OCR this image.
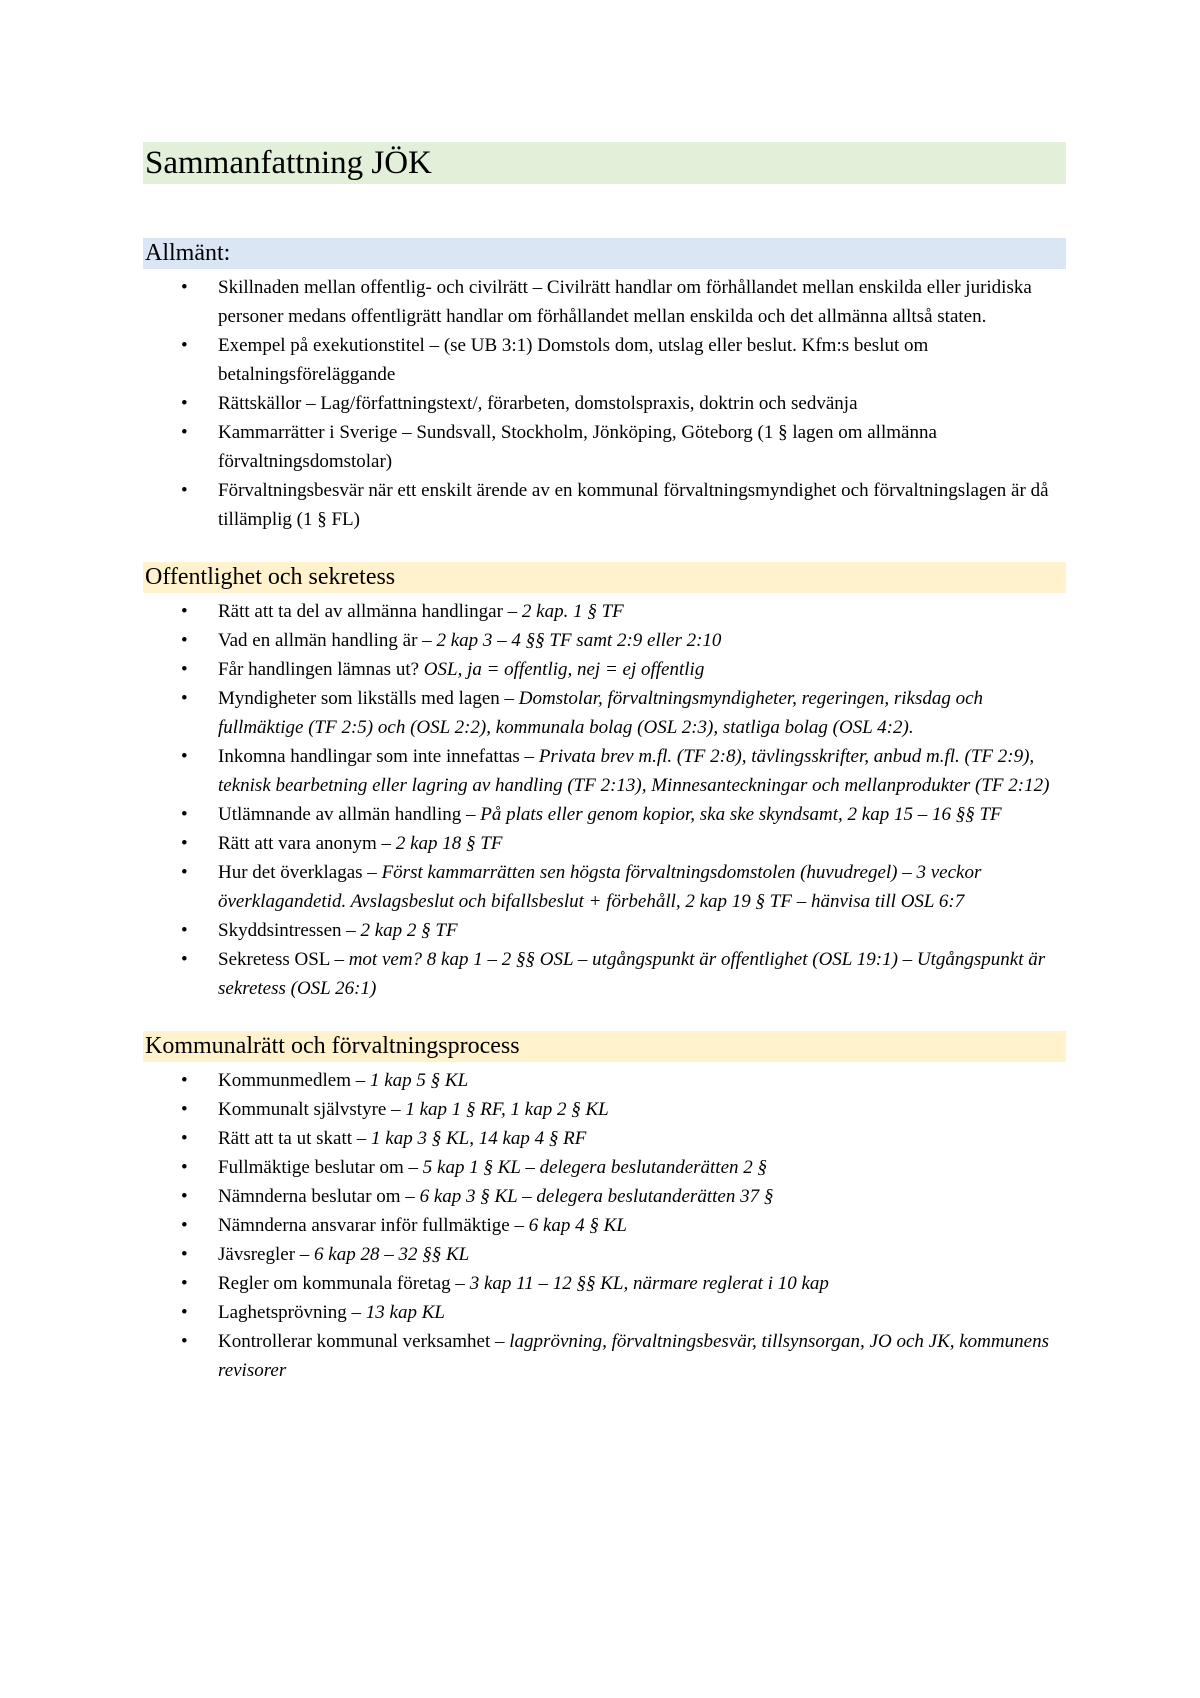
Sammanfattning JÖK
Allmänt:
• Skillnaden mellan offentlig- och civilrätt – Civilrätt handlar om förhållandet mellan enskilda eller juridiska personer medans offentligrätt handlar om förhållandet mellan enskilda och det allmänna alltså staten.
• Exempel på exekutionstitel – (se UB 3:1) Domstols dom, utslag eller beslut. Kfm:s beslut om betalningsföreläggande
• Rättskällor – Lag/författningstext/, förarbeten, domstolspraxis, doktrin och sedvänja
• Kammarrätter i Sverige – Sundsvall, Stockholm, Jönköping, Göteborg (1 § lagen om allmänna förvaltningsdomstolar)
• Förvaltningsbesvär när ett enskilt ärende av en kommunal förvaltningsmyndighet och förvaltningslagen är då tillämplig (1 § FL)
Offentlighet och sekretess
• Rätt att ta del av allmänna handlingar – 2 kap. 1 § TF
• Vad en allmän handling är – 2 kap 3 – 4 §§ TF samt 2:9 eller 2:10
• Får handlingen lämnas ut? OSL, ja = offentlig, nej = ej offentlig
• Myndigheter som likställs med lagen – Domstolar, förvaltningsmyndigheter, regeringen, riksdag och fullmäktige (TF 2:5) och (OSL 2:2), kommunala bolag (OSL 2:3), statliga bolag (OSL 4:2).
• Inkomna handlingar som inte innefattas – Privata brev m.fl. (TF 2:8), tävlingsskrifter, anbud m.fl. (TF 2:9), teknisk bearbetning eller lagring av handling (TF 2:13), Minnesanteckningar och mellanprodukter (TF 2:12)
• Utlämnande av allmän handling – På plats eller genom kopior, ska ske skyndsamt, 2 kap 15 – 16 §§ TF
• Rätt att vara anonym – 2 kap 18 § TF
• Hur det överklagas – Först kammarrätten sen högsta förvaltningsdomstolen (huvudregel) – 3 veckor överklagandetid. Avslagsbeslut och bifallsbeslut + förbehåll, 2 kap 19 § TF – hänvisa till OSL 6:7
• Skyddsintressen – 2 kap 2 § TF
• Sekretess OSL – mot vem? 8 kap 1 – 2 §§ OSL – utgångspunkt är offentlighet (OSL 19:1) – Utgångspunkt är sekretess (OSL 26:1)
Kommunalrätt och förvaltningsprocess
• Kommunmedlem – 1 kap 5 § KL
• Kommunalt självstyre – 1 kap 1 § RF, 1 kap 2 § KL
• Rätt att ta ut skatt – 1 kap 3 § KL, 14 kap 4 § RF
• Fullmäktige beslutar om – 5 kap 1 § KL – delegera beslutanderätten 2 §
• Nämnderna beslutar om – 6 kap 3 § KL – delegera beslutanderätten 37 §
• Nämnderna ansvarar inför fullmäktige – 6 kap 4 § KL
• Jävsregler – 6 kap 28 – 32 §§ KL
• Regler om kommunala företag – 3 kap 11 – 12 §§ KL, närmare reglerat i 10 kap
• Laghetsprövning – 13 kap KL
• Kontrollerar kommunal verksamhet – lagprövning, förvaltningsbesvär, tillsynsorgan, JO och JK, kommunens revisorer
